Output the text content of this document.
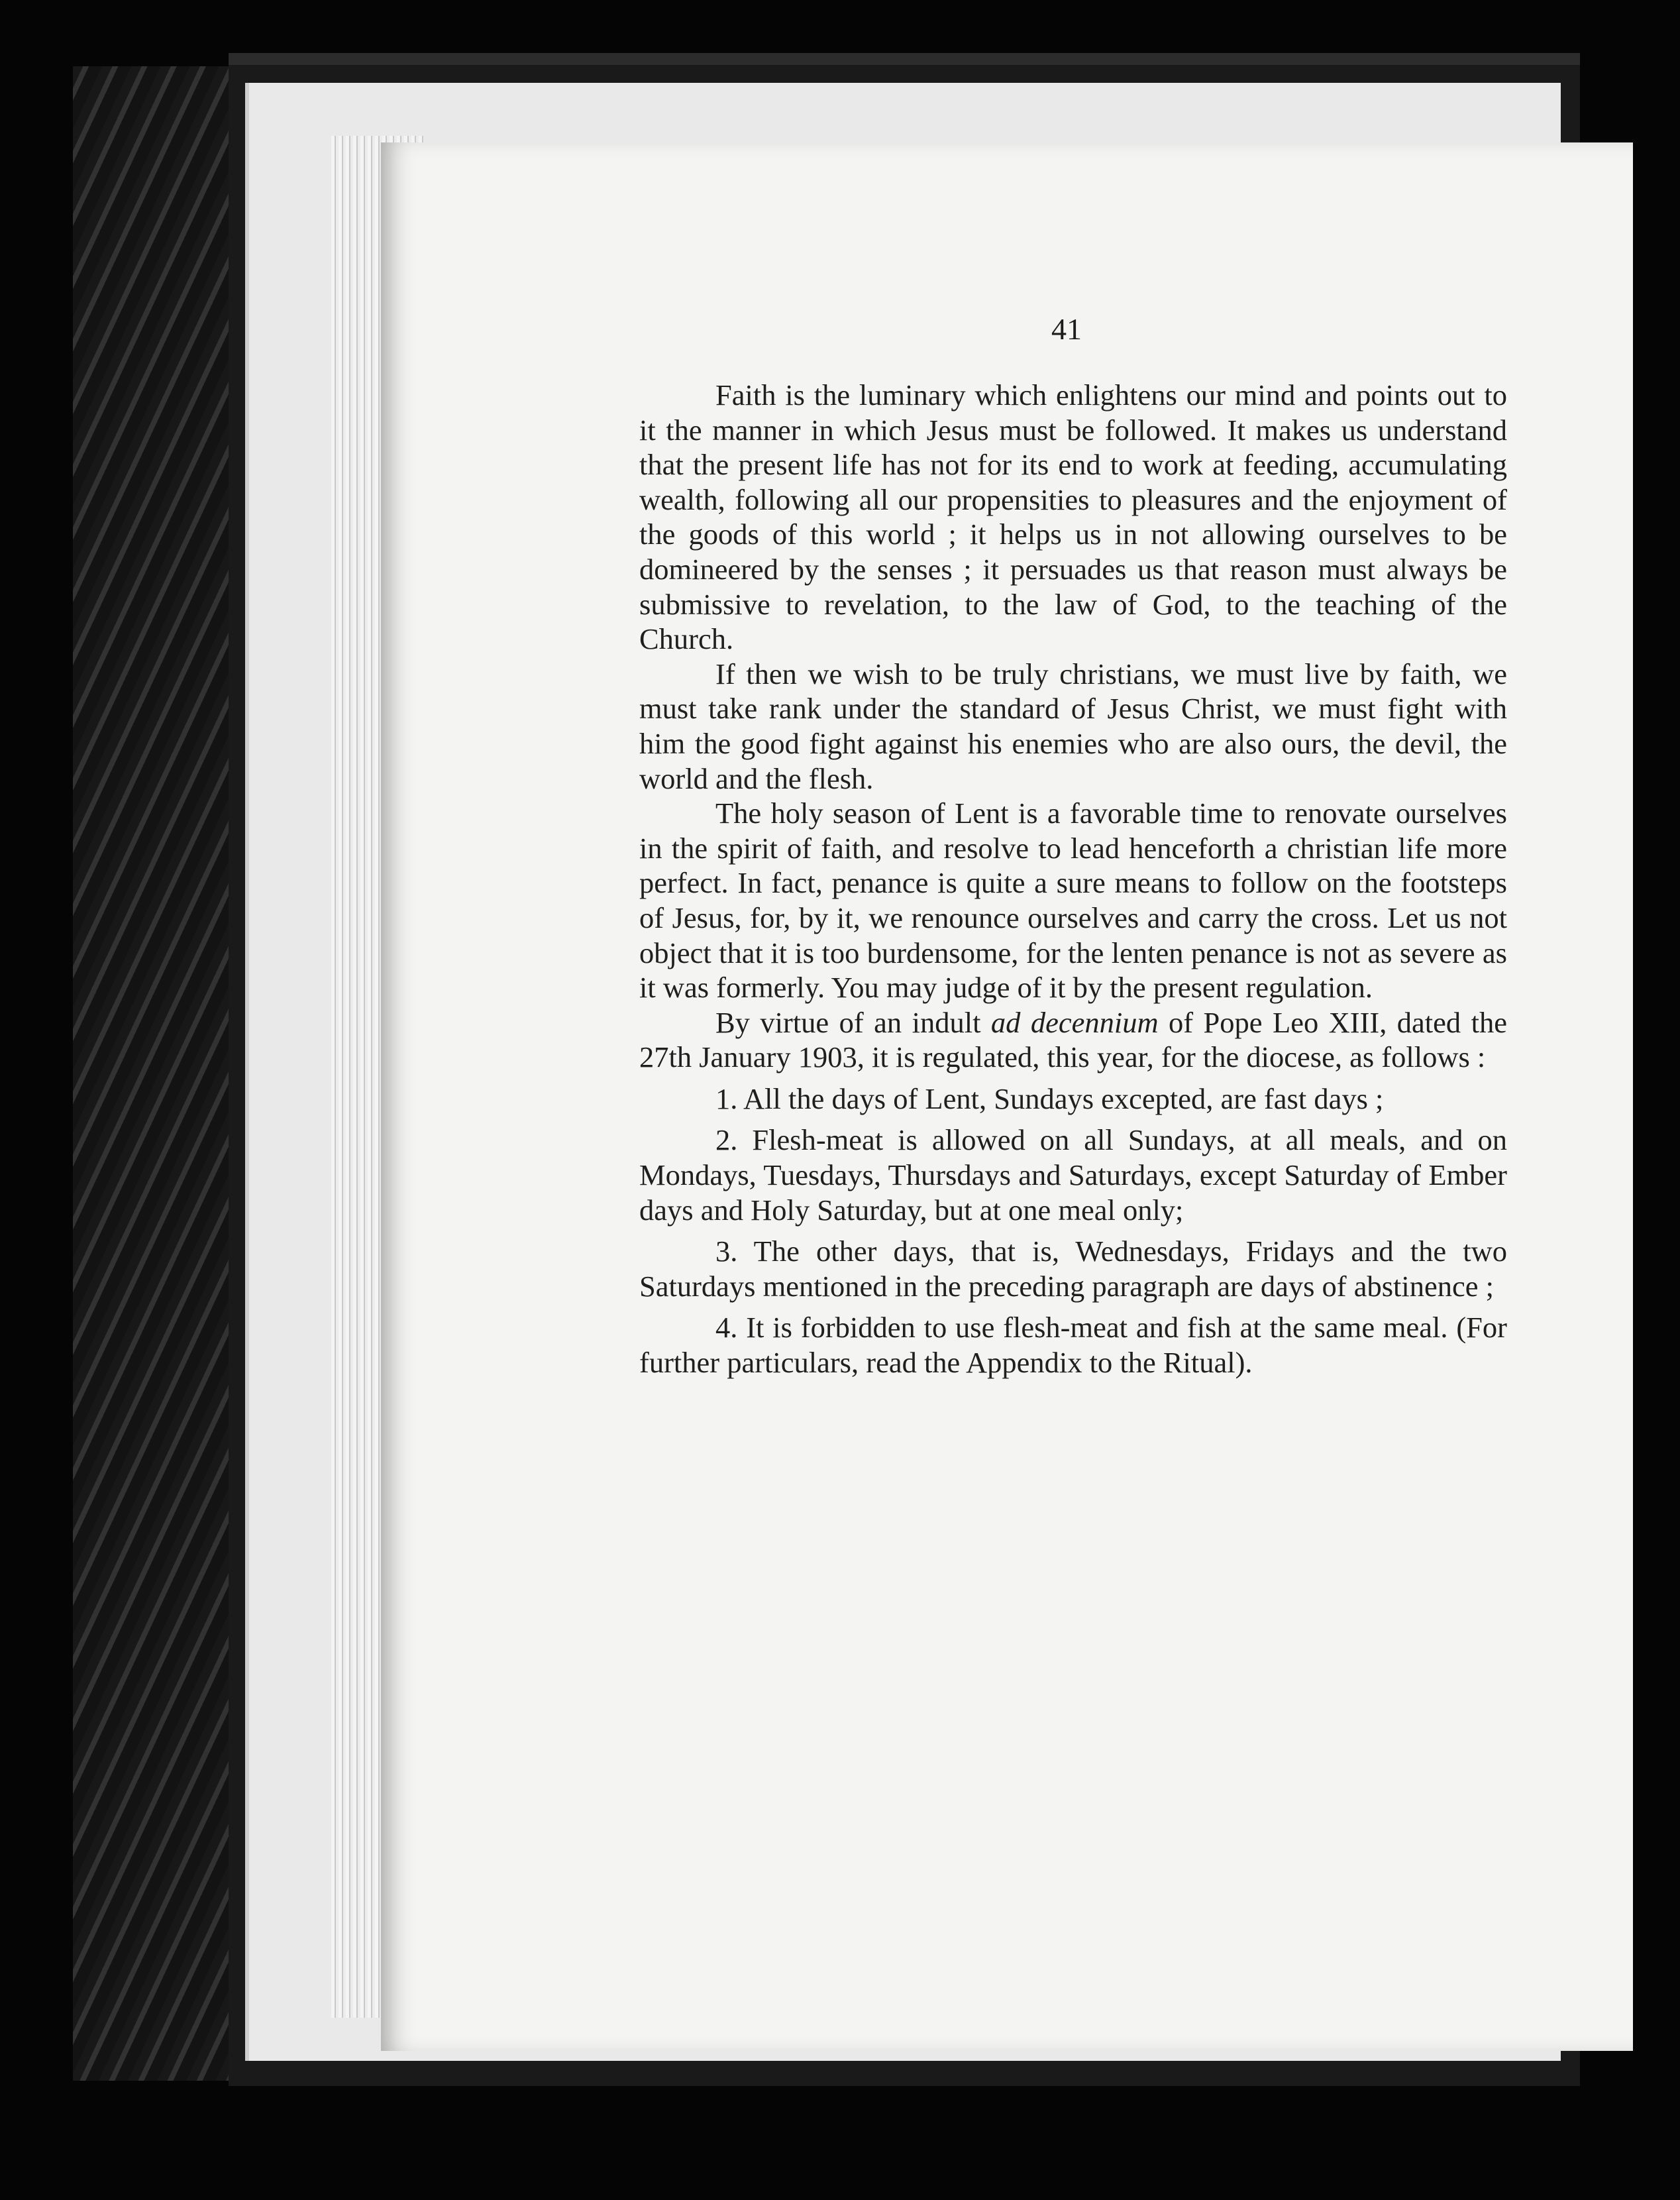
41

Faith is the luminary which enlightens our mind and points out to it the manner in which Jesus must be followed. It makes us understand that the present life has not for its end to work at feeding, accumulating wealth, following all our propensities to pleasures and the enjoyment of the goods of this world ; it helps us in not allowing ourselves to be domineered by the senses ; it persuades us that reason must always be submissive to revelation, to the law of God, to the teaching of the Church.

If then we wish to be truly christians, we must live by faith, we must take rank under the standard of Jesus Christ, we must fight with him the good fight against his enemies who are also ours, the devil, the world and the flesh.

The holy season of Lent is a favorable time to renovate ourselves in the spirit of faith, and resolve to lead henceforth a christian life more perfect. In fact, penance is quite a sure means to follow on the footsteps of Jesus, for, by it, we renounce ourselves and carry the cross. Let us not object that it is too burdensome, for the lenten penance is not as severe as it was formerly. You may judge of it by the present regulation.

By virtue of an indult ad decennium of Pope Leo XIII, dated the 27th January 1903, it is regulated, this year, for the diocese, as follows :

1. All the days of Lent, Sundays excepted, are fast days ;

2. Flesh-meat is allowed on all Sundays, at all meals, and on Mondays, Tuesdays, Thursdays and Saturdays, except Saturday of Ember days and Holy Saturday, but at one meal only;

3. The other days, that is, Wednesdays, Fridays and the two Saturdays mentioned in the preceding paragraph are days of abstinence ;

4. It is forbidden to use flesh-meat and fish at the same meal. (For further particulars, read the Appendix to the Ritual).
